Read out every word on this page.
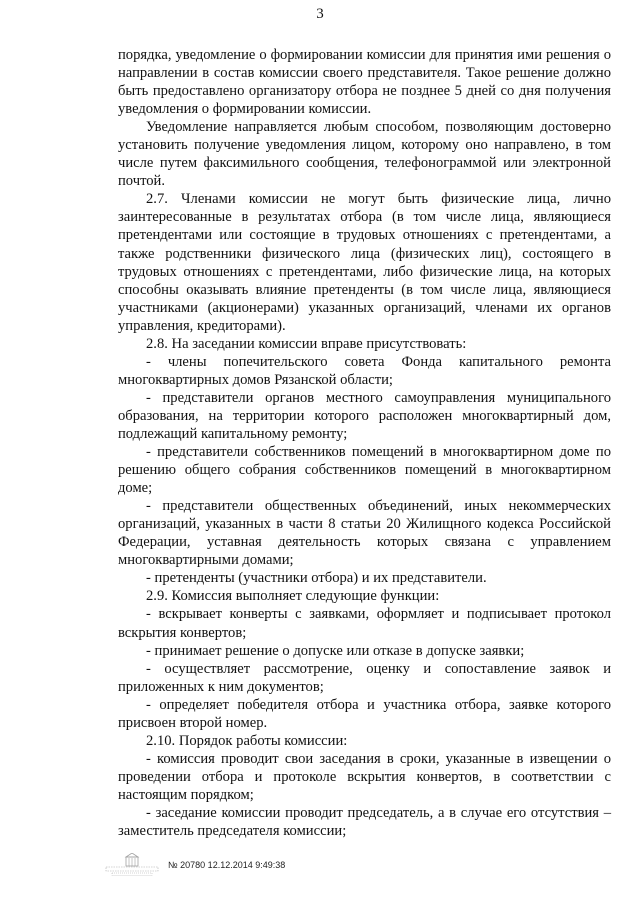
3

порядка, уведомление о формировании комиссии для принятия ими решения о направлении в состав комиссии своего представителя. Такое решение должно быть предоставлено организатору отбора не позднее 5 дней со дня получения уведомления о формировании комиссии.

Уведомление направляется любым способом, позволяющим достоверно установить получение уведомления лицом, которому оно направлено, в том числе путем факсимильного сообщения, телефонограммой или электронной почтой.

2.7. Членами комиссии не могут быть физические лица, лично заинтересованные в результатах отбора (в том числе лица, являющиеся претендентами или состоящие в трудовых отношениях с претендентами, а также родственники физического лица (физических лиц), состоящего в трудовых отношениях с претендентами, либо физические лица, на которых способны оказывать влияние претенденты (в том числе лица, являющиеся участниками (акционерами) указанных организаций, членами их органов управления, кредиторами).

2.8. На заседании комиссии вправе присутствовать:

- члены попечительского совета Фонда капитального ремонта многоквартирных домов Рязанской области;

- представители органов местного самоуправления муниципального образования, на территории которого расположен многоквартирный дом, подлежащий капитальному ремонту;

- представители собственников помещений в многоквартирном доме по решению общего собрания собственников помещений в многоквартирном доме;

- представители общественных объединений, иных некоммерческих организаций, указанных в части 8 статьи 20 Жилищного кодекса Российской Федерации, уставная деятельность которых связана с управлением многоквартирными домами;

- претенденты (участники отбора) и их представители.

2.9. Комиссия выполняет следующие функции:

- вскрывает конверты с заявками, оформляет и подписывает протокол вскрытия конвертов;

- принимает решение о допуске или отказе в допуске заявки;

- осуществляет рассмотрение, оценку и сопоставление заявок и приложенных к ним документов;

- определяет победителя отбора и участника отбора, заявке которого присвоен второй номер.

2.10. Порядок работы комиссии:

- комиссия проводит свои заседания в сроки, указанные в извещении о проведении отбора и протоколе вскрытия конвертов, в соответствии с настоящим порядком;

- заседание комиссии проводит председатель, а в случае его отсутствия – заместитель председателя комиссии;

№ 20780 12.12.2014 9:49:38
